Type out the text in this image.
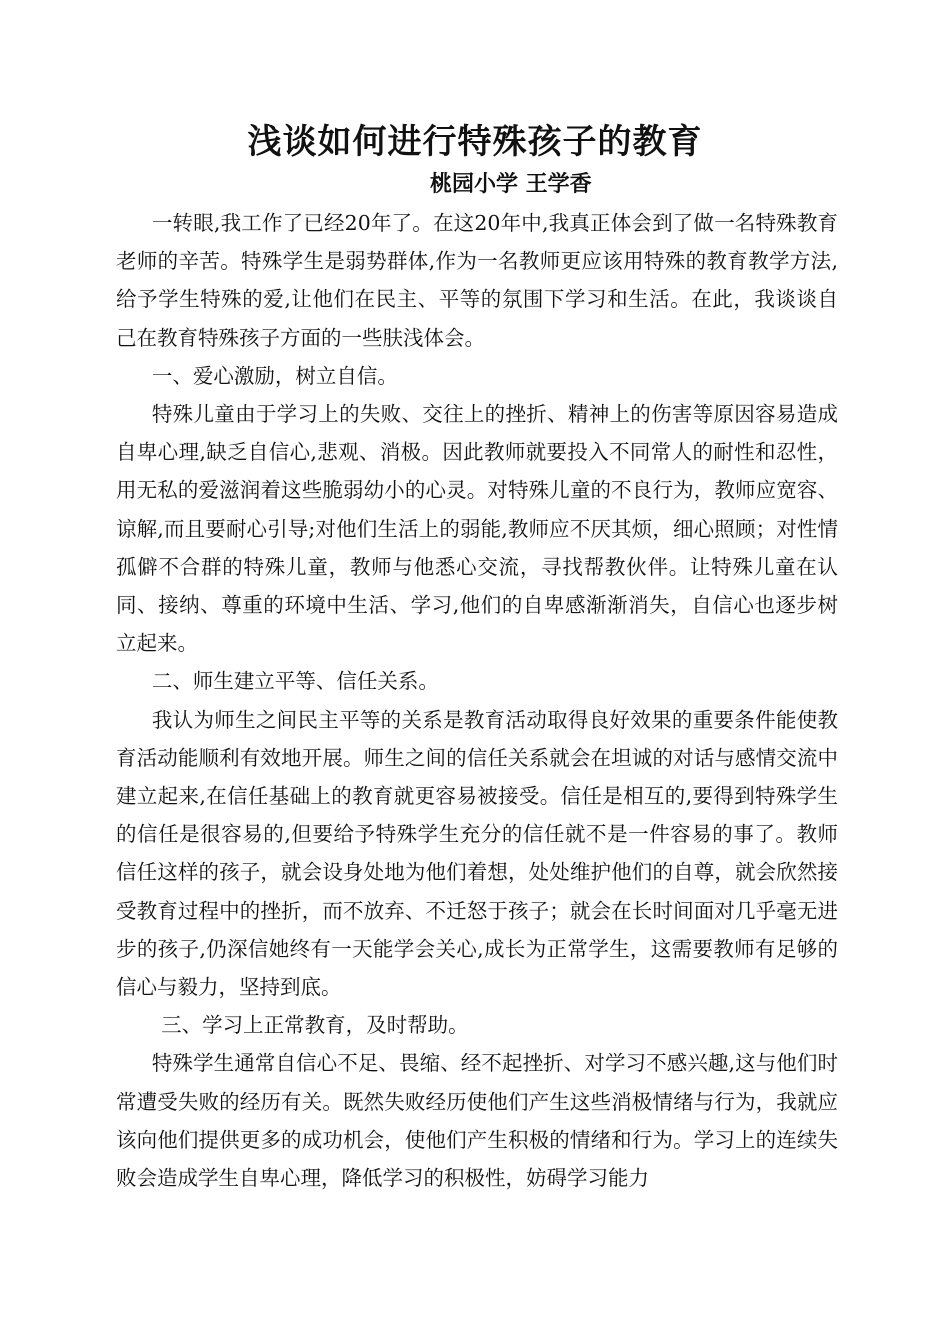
浅谈如何进行特殊孩子的教育
桃园小学 王学香

一转眼,我工作了已经20年了。在这20年中,我真正体会到了做一名特殊教育老师的辛苦。特殊学生是弱势群体,作为一名教师更应该用特殊的教育教学方法,给予学生特殊的爱,让他们在民主、平等的氛围下学习和生活。在此，我谈谈自己在教育特殊孩子方面的一些肤浅体会。

一、爱心激励，树立自信。

特殊儿童由于学习上的失败、交往上的挫折、精神上的伤害等原因容易造成自卑心理,缺乏自信心,悲观、消极。因此教师就要投入不同常人的耐性和忍性，用无私的爱滋润着这些脆弱幼小的心灵。对特殊儿童的不良行为，教师应宽容、谅解,而且要耐心引导;对他们生活上的弱能,教师应不厌其烦，细心照顾；对性情孤僻不合群的特殊儿童，教师与他悉心交流，寻找帮教伙伴。让特殊儿童在认同、接纳、尊重的环境中生活、学习,他们的自卑感渐渐消失，自信心也逐步树立起来。

二、师生建立平等、信任关系。

我认为师生之间民主平等的关系是教育活动取得良好效果的重要条件能使教育活动能顺利有效地开展。师生之间的信任关系就会在坦诚的对话与感情交流中建立起来,在信任基础上的教育就更容易被接受。信任是相互的,要得到特殊学生的信任是很容易的,但要给予特殊学生充分的信任就不是一件容易的事了。教师信任这样的孩子，就会设身处地为他们着想，处处维护他们的自尊，就会欣然接受教育过程中的挫折，而不放弃、不迁怒于孩子；就会在长时间面对几乎毫无进步的孩子,仍深信她终有一天能学会关心,成长为正常学生，这需要教师有足够的信心与毅力，坚持到底。

三、学习上正常教育，及时帮助。

特殊学生通常自信心不足、畏缩、经不起挫折、对学习不感兴趣,这与他们时常遭受失败的经历有关。既然失败经历使他们产生这些消极情绪与行为，我就应该向他们提供更多的成功机会，使他们产生积极的情绪和行为。学习上的连续失败会造成学生自卑心理，降低学习的积极性，妨碍学习能力
